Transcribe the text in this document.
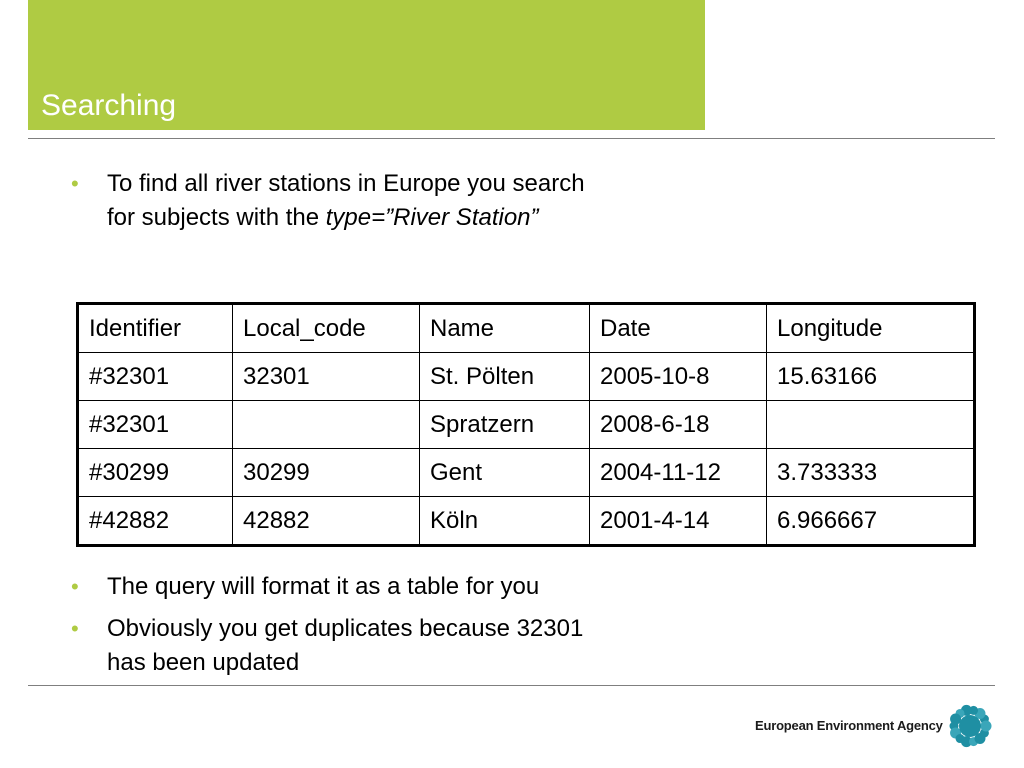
Searching
• To find all river stations in Europe you search
for subjects with the type=”River Station”
Identifier	Local_code	Name	Date	Longitude
#32301	32301	St. Pölten	2005-10-8	15.63166
#32301		Spratzern	2008-6-18	
#30299	30299	Gent	2004-11-12	3.733333
#42882	42882	Köln	2001-4-14	6.966667
• The query will format it as a table for you
• Obviously you get duplicates because 32301
has been updated
European Environment Agency
